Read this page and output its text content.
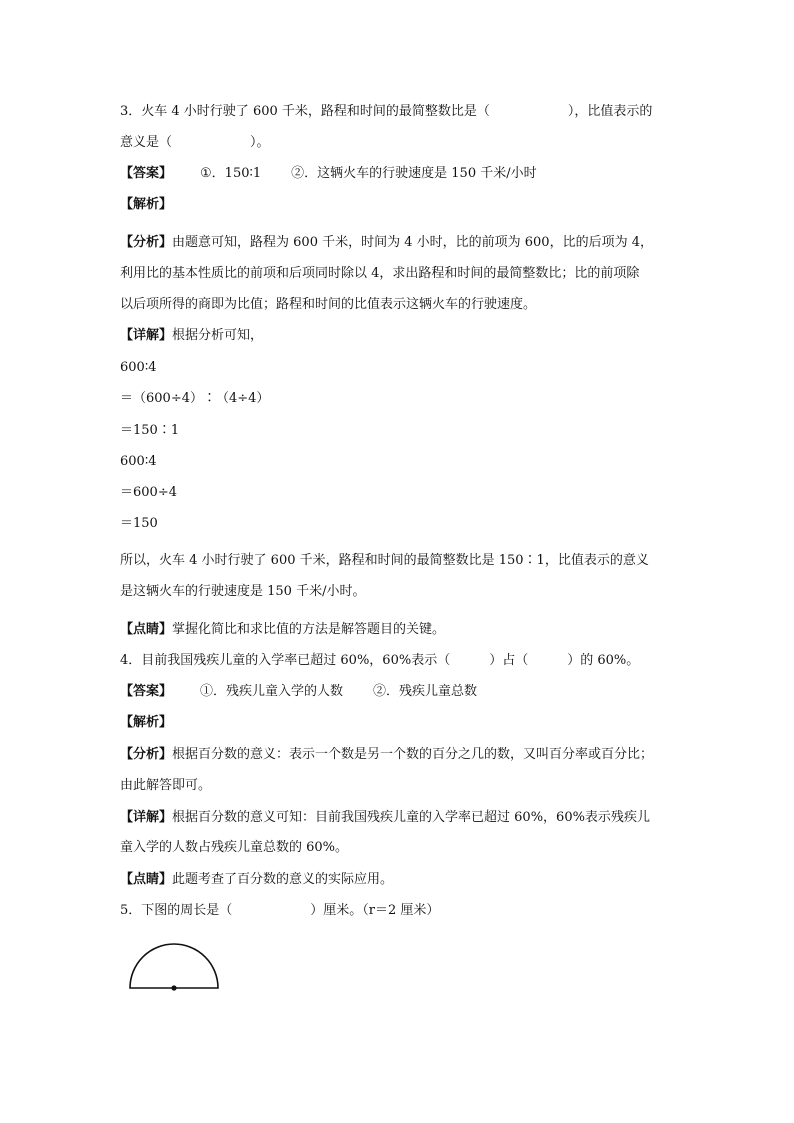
3．火车 4 小时行驶了 600 千米，路程和时间的最简整数比是（　　　　　　），比值表示的
意义是（　　　　　　）。
【答案】 ①．150∶1 ②．这辆火车的行驶速度是 150 千米/小时
【解析】
【分析】由题意可知，路程为 600 千米，时间为 4 小时，比的前项为 600，比的后项为 4，
利用比的基本性质比的前项和后项同时除以 4，求出路程和时间的最简整数比；比的前项除
以后项所得的商即为比值；路程和时间的比值表示这辆火车的行驶速度。
【详解】根据分析可知，
600∶4
＝（600÷4）∶（4÷4）
＝150∶1
600∶4
＝600÷4
＝150
所以，火车 4 小时行驶了 600 千米，路程和时间的最简整数比是 150∶1，比值表示的意义
是这辆火车的行驶速度是 150 千米/小时。
【点睛】掌握化简比和求比值的方法是解答题目的关键。
4．目前我国残疾儿童的入学率已超过 60%，60%表示（　　　）占（　　　）的 60%。
【答案】 ①．残疾儿童入学的人数 ②．残疾儿童总数
【解析】
【分析】根据百分数的意义：表示一个数是另一个数的百分之几的数，又叫百分率或百分比；
由此解答即可。
【详解】根据百分数的意义可知：目前我国残疾儿童的入学率已超过 60%，60%表示残疾儿
童入学的人数占残疾儿童总数的 60%。
【点睛】此题考查了百分数的意义的实际应用。
5．下图的周长是（　　　　　　）厘米。（r＝2 厘米）
